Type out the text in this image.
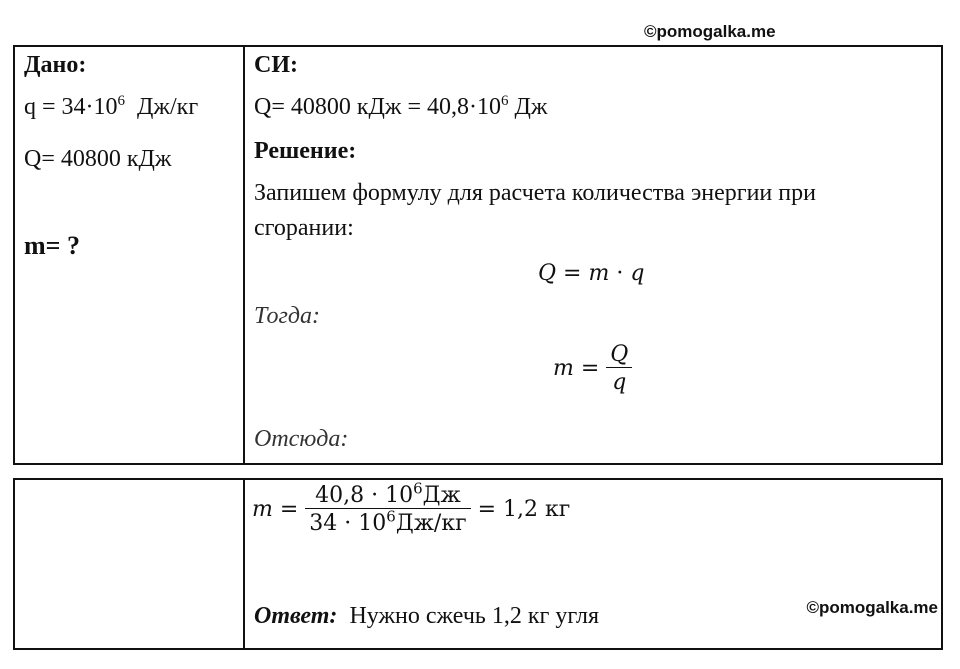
©pomogalka.me

Дано:
$q = 34\cdot 10^6$  Дж/кг
Q= 40800 кДж
m= ?
СИ:
Q= 40800 кДж = $40,8\cdot 10^6$ Дж
Решение:
Запишем формулу для расчета количества энергии при
сгорании:
Q = m · q
Тогда:
$m = \frac{Q}{q}$
Отсюда:
$m = \frac{40,8 \cdot 10^6Дж}{34 \cdot 10^6Дж/кг} = 1,2$ кг
Ответ:  Нужно сжечь 1,2 кг угля	©pomogalka.me
